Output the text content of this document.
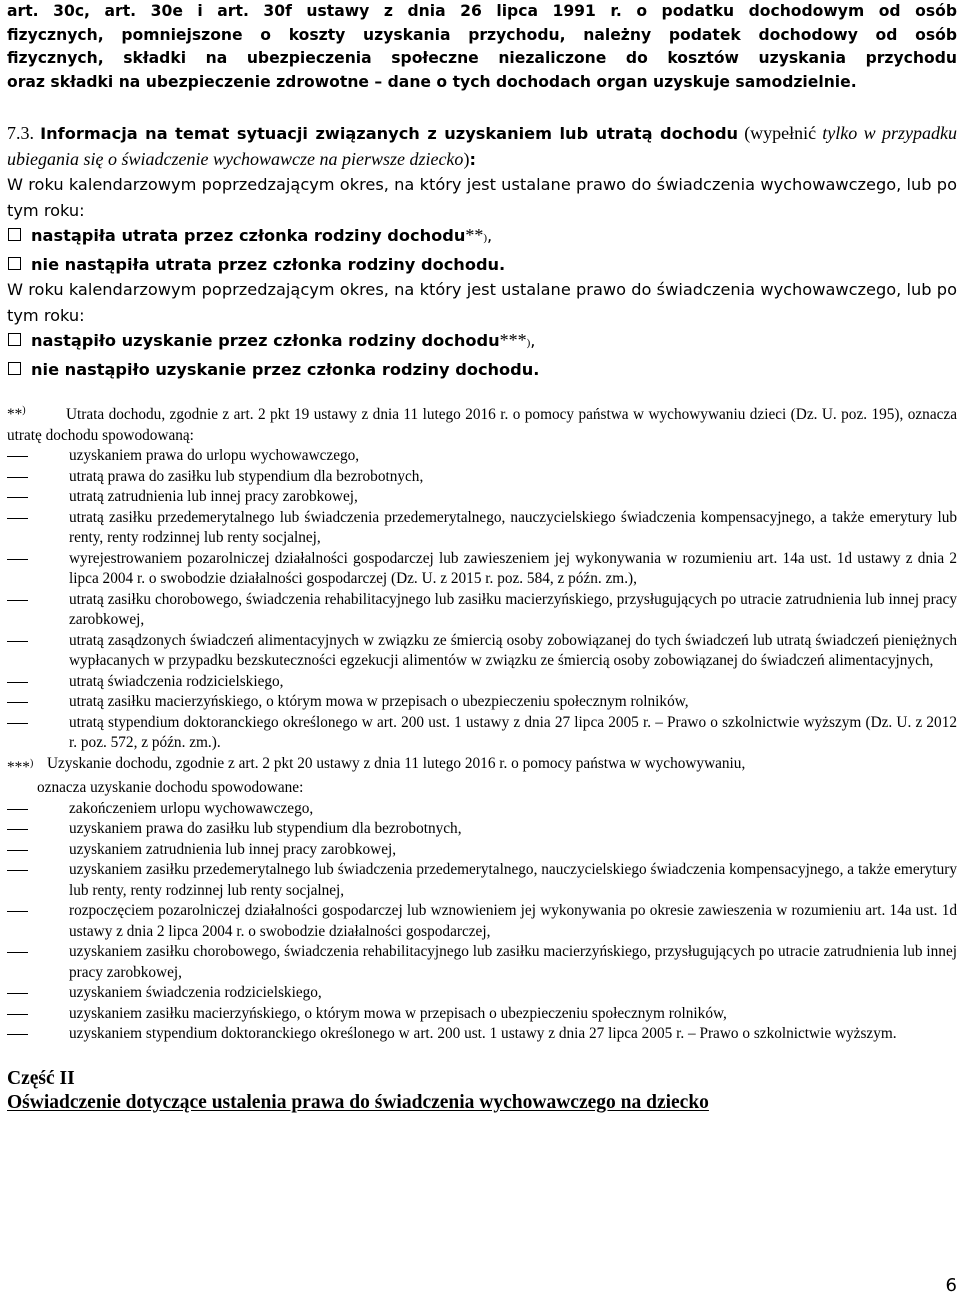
art. 30c, art. 30e i art. 30f ustawy z dnia 26 lipca 1991 r. o podatku dochodowym od osób
fizycznych, pomniejszone o koszty uzyskania przychodu, należny podatek dochodowy od osób
fizycznych, składki na ubezpieczenia społeczne niezaliczone do kosztów uzyskania przychodu
oraz składki na ubezpieczenie zdrowotne – dane o tych dochodach organ uzyskuje samodzielnie.
7.3. Informacja na temat sytuacji związanych z uzyskaniem lub utratą dochodu (wypełnić tylko w przypadku ubiegania się o świadczenie wychowawcze na pierwsze dziecko):

W roku kalendarzowym poprzedzającym okres, na który jest ustalane prawo do świadczenia wychowawczego, lub po tym roku:

nastąpiła utrata przez członka rodziny dochodu ** ) ,
nie nastąpiła utrata przez członka rodziny dochodu.

W roku kalendarzowym poprzedzającym okres, na który jest ustalane prawo do świadczenia wychowawczego, lub po tym roku:

nastąpiło uzyskanie przez członka rodziny dochodu *** ) ,
nie nastąpiło uzyskanie przez członka rodziny dochodu.
**)	Utrata dochodu, zgodnie z art. 2 pkt 19 ustawy z dnia 11 lutego 2016 r. o pomocy państwa w wychowywaniu dzieci (Dz. U. poz. 195), oznacza utratę dochodu spowodowaną:
uzyskaniem prawa do urlopu wychowawczego,
utratą prawa do zasiłku lub stypendium dla bezrobotnych,
utratą zatrudnienia lub innej pracy zarobkowej,
utratą zasiłku przedemerytalnego lub świadczenia przedemerytalnego, nauczycielskiego świadczenia kompensacyjnego, a także emerytury lub renty, renty rodzinnej lub renty socjalnej,
wyrejestrowaniem pozarolniczej działalności gospodarczej lub zawieszeniem jej wykonywania w rozumieniu art. 14a ust. 1d ustawy z dnia 2 lipca 2004 r. o swobodzie działalności gospodarczej (Dz. U. z 2015 r. poz. 584, z późn. zm.),
utratą zasiłku chorobowego, świadczenia rehabilitacyjnego lub zasiłku macierzyńskiego, przysługujących po utracie zatrudnienia lub innej pracy zarobkowej,
utratą zasądzonych świadczeń alimentacyjnych w związku ze śmiercią osoby zobowiązanej do tych świadczeń lub utratą świadczeń pieniężnych wypłacanych w przypadku bezskuteczności egzekucji alimentów w związku ze śmiercią osoby zobowiązanej do świadczeń alimentacyjnych,
utratą świadczenia rodzicielskiego,
utratą zasiłku macierzyńskiego, o którym mowa w przepisach o ubezpieczeniu społecznym rolników,
utratą stypendium doktoranckiego określonego w art. 200 ust. 1 ustawy z dnia 27 lipca 2005 r. – Prawo o szkolnictwie wyższym (Dz. U. z 2012 r. poz. 572, z późn. zm.).
***) Uzyskanie dochodu, zgodnie z art. 2 pkt 20 ustawy z dnia 11 lutego 2016 r. o pomocy państwa w wychowywaniu,
oznacza uzyskanie dochodu spowodowane:
zakończeniem urlopu wychowawczego,
uzyskaniem prawa do zasiłku lub stypendium dla bezrobotnych,
uzyskaniem zatrudnienia lub innej pracy zarobkowej,
uzyskaniem zasiłku przedemerytalnego lub świadczenia przedemerytalnego, nauczycielskiego świadczenia kompensacyjnego, a także emerytury lub renty, renty rodzinnej lub renty socjalnej,
rozpoczęciem pozarolniczej działalności gospodarczej lub wznowieniem jej wykonywania po okresie zawieszenia w rozumieniu art. 14a ust. 1d ustawy z dnia 2 lipca 2004 r. o swobodzie działalności gospodarczej,
uzyskaniem zasiłku chorobowego, świadczenia rehabilitacyjnego lub zasiłku macierzyńskiego, przysługujących po utracie zatrudnienia lub innej pracy zarobkowej,
uzyskaniem świadczenia rodzicielskiego,
uzyskaniem zasiłku macierzyńskiego, o którym mowa w przepisach o ubezpieczeniu społecznym rolników,
uzyskaniem stypendium doktoranckiego określonego w art. 200 ust. 1 ustawy z dnia 27 lipca 2005 r. – Prawo o szkolnictwie wyższym.
Część II
Oświadczenie dotyczące ustalenia prawa do świadczenia wychowawczego na dziecko
6
